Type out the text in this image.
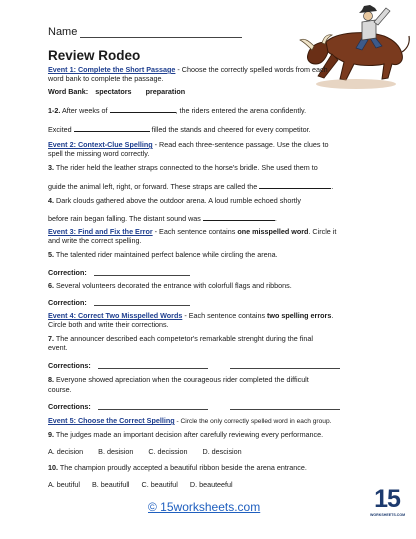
Name
Review Rodeo
Event 1: Complete the Short Passage - Choose the correctly spelled words from each
word bank to complete the passage.
Word Bank: spectators preparation
1-2. After weeks of	, the riders entered the arena confidently.
Excited	filled the stands and cheered for every competitor.
Event 2: Context-Clue Spelling - Read each three-sentence passage. Use the clues to
spell the missing word correctly.
3. The rider held the leather straps connected to the horse's bridle. She used them to
guide the animal left, right, or forward. These straps are called the	.
4. Dark clouds gathered above the outdoor arena. A loud rumble echoed shortly
before rain began falling. The distant sound was	.
Event 3: Find and Fix the Error - Each sentence contains one misspelled word. Circle it
and write the correct spelling.
5. The talented rider maintained perfect balence while circling the arena.
Correction:
6. Several volunteers decorated the entrance with colorfull flags and ribbons.
Correction:
Event 4: Correct Two Misspelled Words - Each sentence contains two spelling errors.
Circle both and write their corrections.
7. The announcer described each competetor's remarkable strenght during the final
event.
Corrections:
8. Everyone showed apreciation when the courageous rider completed the difficult
course.
Corrections:
Event 5: Choose the Correct Spelling - Circle the only correctly spelled word in each group.
9. The judges made an important decision after carefully reviewing every performance.
A. decision B. desision C. decission D. descision
10. The champion proudly accepted a beautiful ribbon beside the arena entrance.
A. beutiful B. beautifull C. beautiful D. beauteeful
© 15worksheets.com	15
WORKSHEETS.COM
